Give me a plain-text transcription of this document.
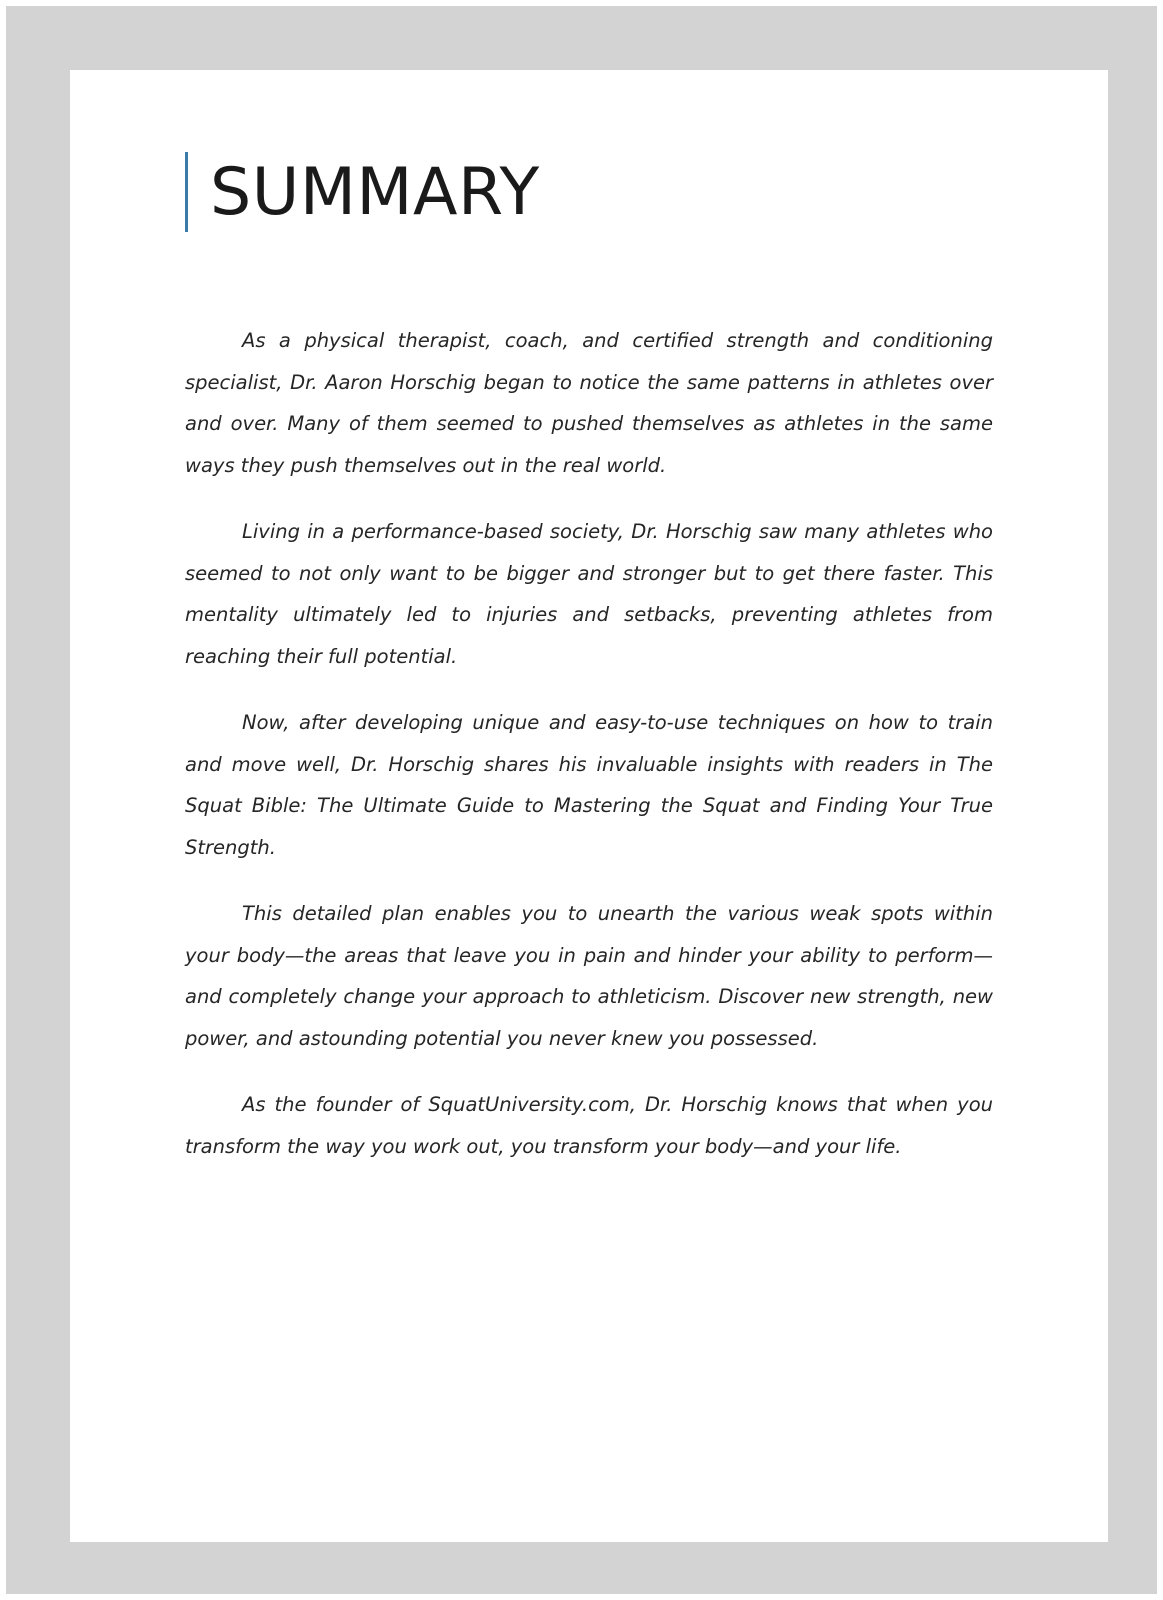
SUMMARY

As a physical therapist, coach, and certified strength and conditioning specialist, Dr. Aaron Horschig began to notice the same patterns in athletes over and over. Many of them seemed to pushed themselves as athletes in the same ways they push themselves out in the real world.

Living in a performance-based society, Dr. Horschig saw many athletes who seemed to not only want to be bigger and stronger but to get there faster. This mentality ultimately led to injuries and setbacks, preventing athletes from reaching their full potential.

Now, after developing unique and easy-to-use techniques on how to train and move well, Dr. Horschig shares his invaluable insights with readers in The Squat Bible: The Ultimate Guide to Mastering the Squat and Finding Your True Strength.

This detailed plan enables you to unearth the various weak spots within your body—the areas that leave you in pain and hinder your ability to perform—and completely change your approach to athleticism. Discover new strength, new power, and astounding potential you never knew you possessed.

As the founder of SquatUniversity.com, Dr. Horschig knows that when you transform the way you work out, you transform your body—and your life.
